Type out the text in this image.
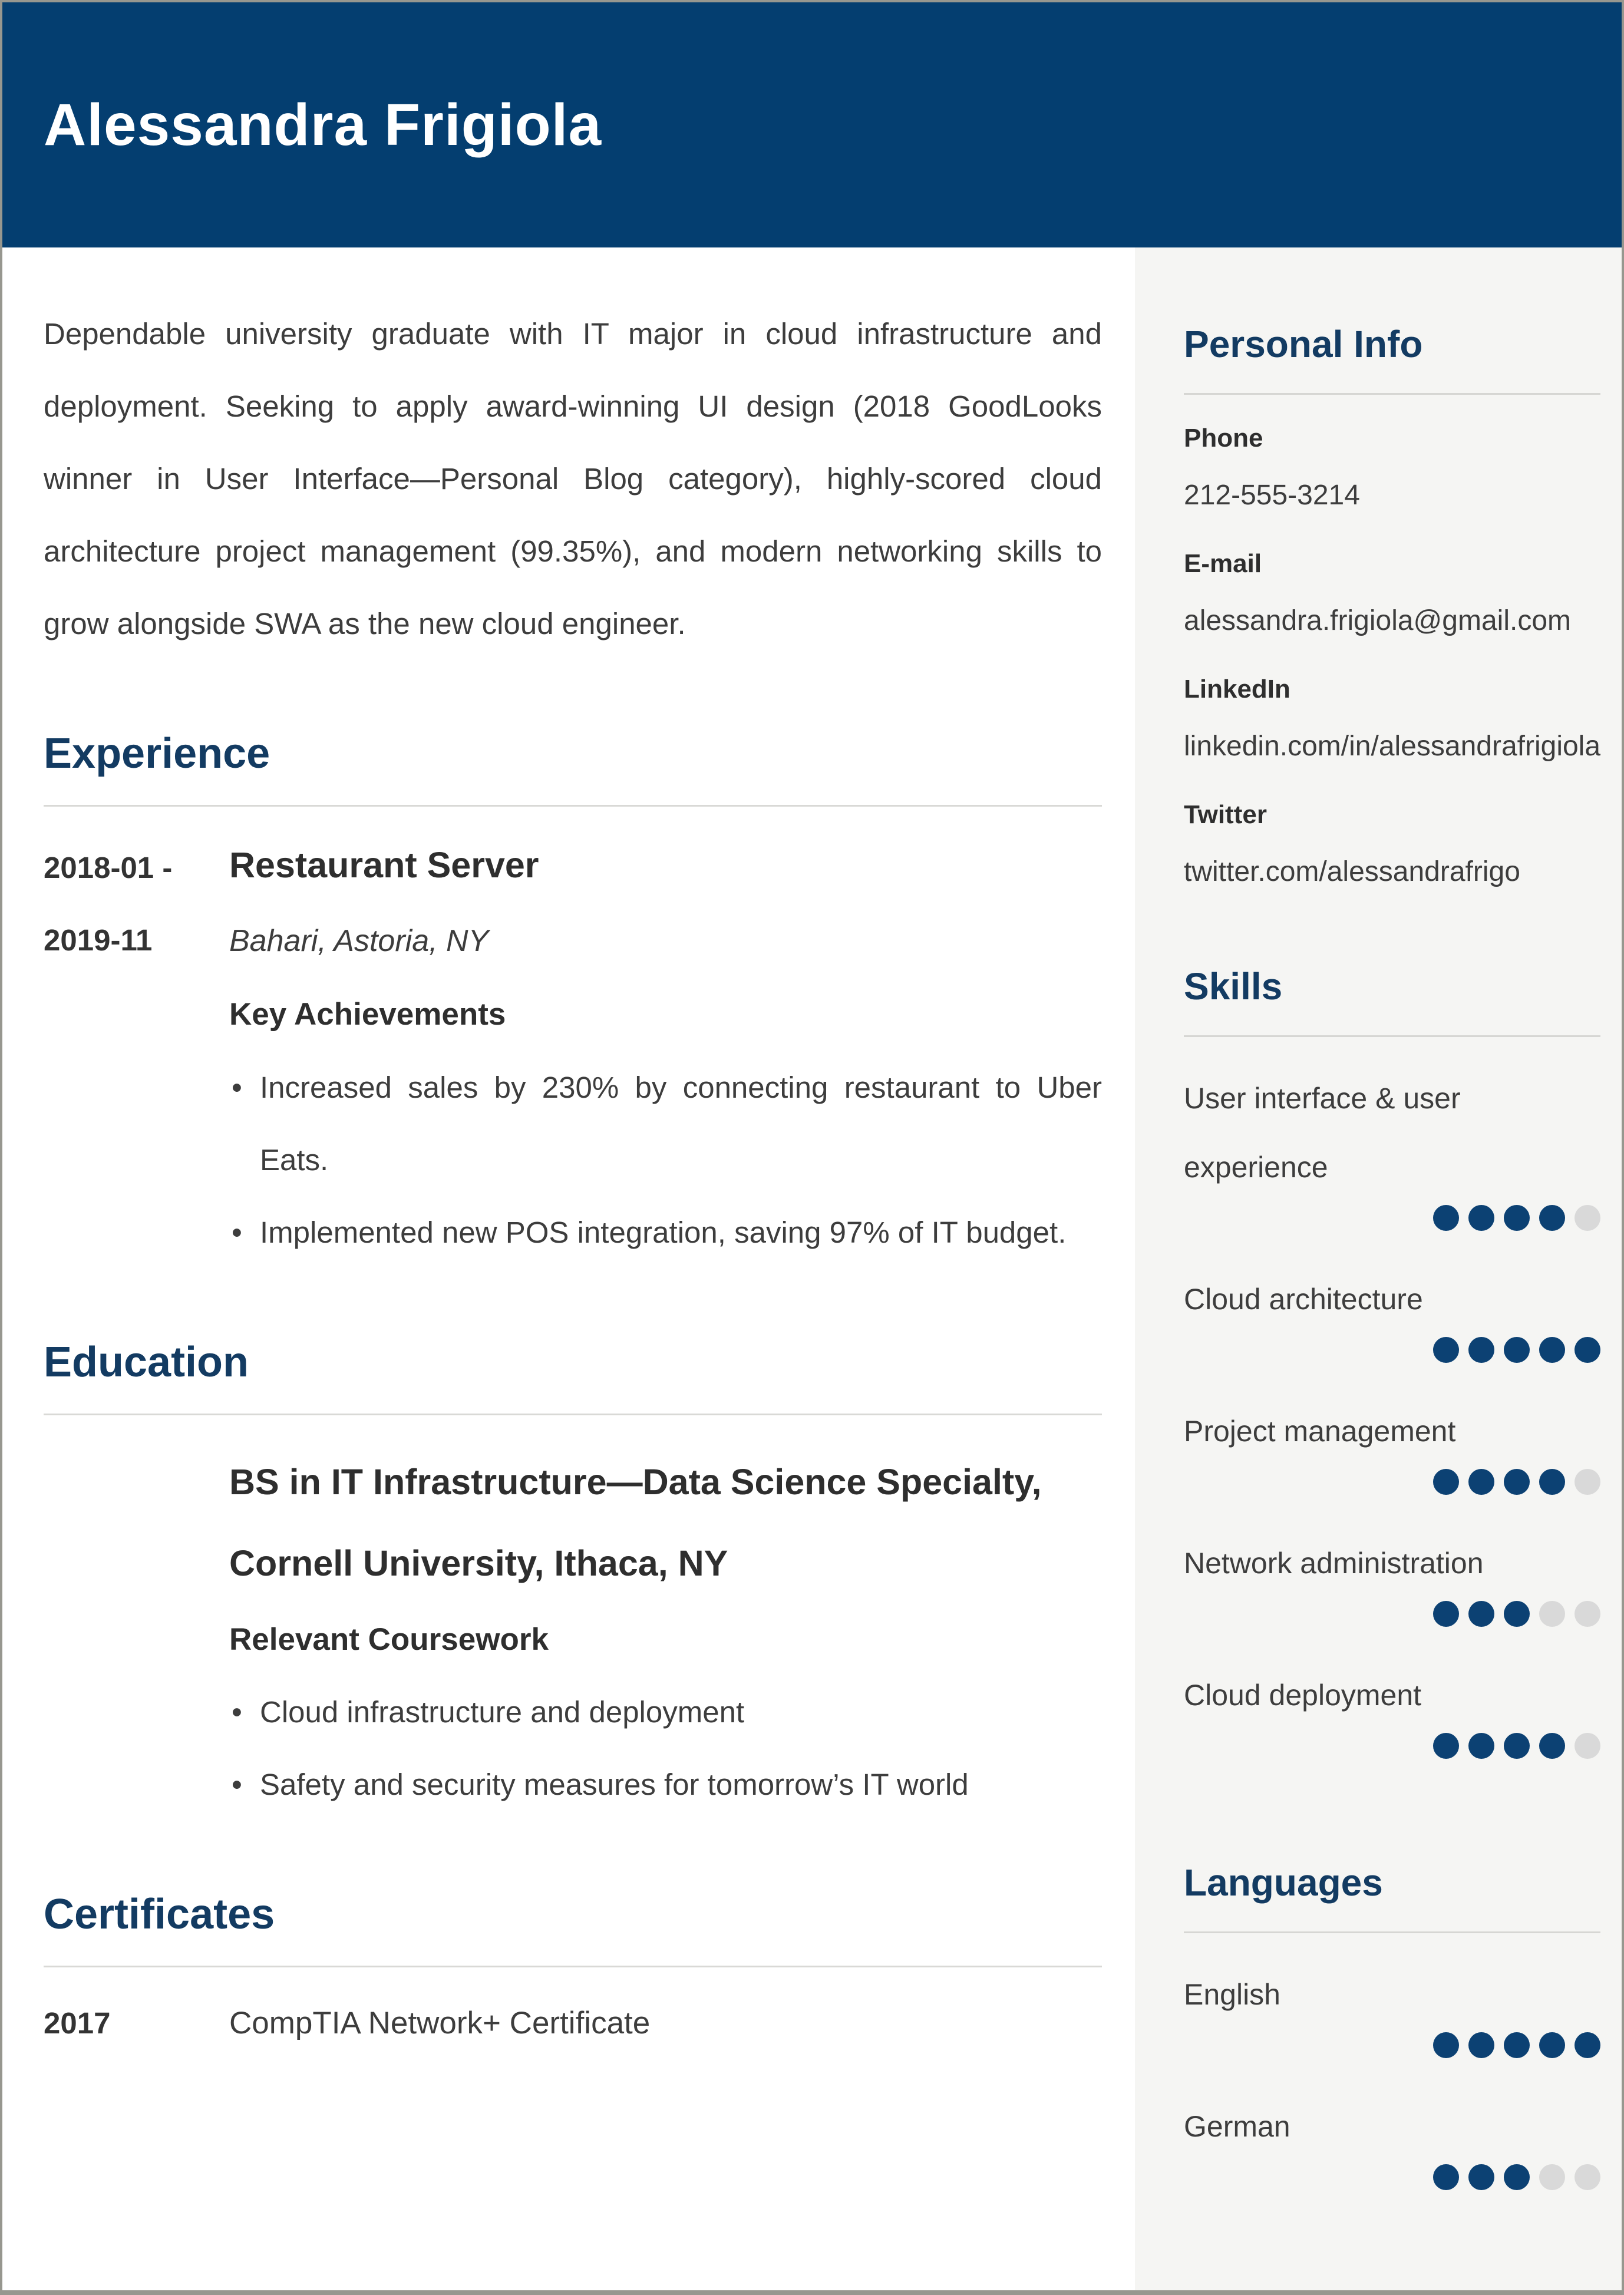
Alessandra Frigiola

Dependable university graduate with IT major in cloud infrastructure and deployment. Seeking to apply award-winning UI design (2018 GoodLooks winner in User Interface—Personal Blog category), highly-scored cloud architecture project management (99.35%), and modern networking skills to grow alongside SWA as the new cloud engineer.

Experience
2018-01 -
2019-11
Restaurant Server
Bahari, Astoria, NY
Key Achievements
• Increased sales by 230% by connecting restaurant to Uber Eats.
• Implemented new POS integration, saving 97% of IT budget.
Education
BS in IT Infrastructure—Data Science Specialty, Cornell University, Ithaca, NY
Relevant Coursework
• Cloud infrastructure and deployment
• Safety and security measures for tomorrow’s IT world
Certificates
2017	CompTIA Network+ Certificate
Personal Info
Phone
212-555-3214
E-mail
alessandra.frigiola@gmail.com
LinkedIn
linkedin.com/in/alessandrafrigiola
Twitter
twitter.com/alessandrafrigo
Skills
User interface & user experience
Cloud architecture
Project management
Network administration
Cloud deployment
Languages
English
German
